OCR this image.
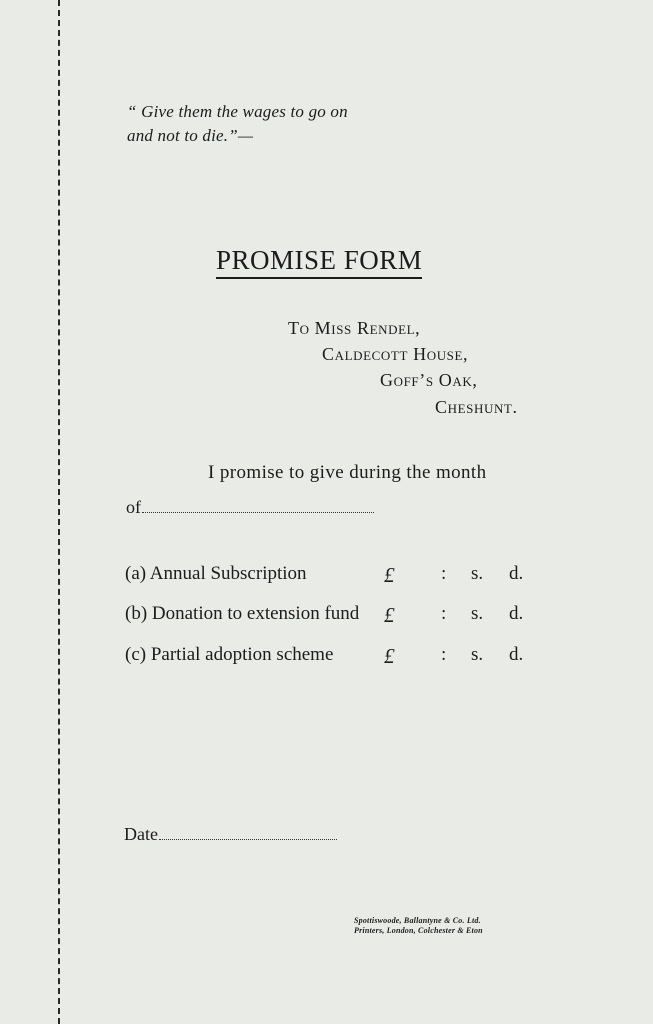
“ Give them the wages to go on
and not to die.”—
PROMISE FORM
To Miss Rendel,
Caldecott House,
Goff’s Oak,
Cheshunt.
I promise to give during the month
of
(a) Annual Subscription	£ : s. d.
(b) Donation to extension fund £ : s. d.
(c) Partial adoption scheme £ : s. d.
Date
Spottiswoode, Ballantyne & Co. Ltd.
Printers, London, Colchester & Eton
